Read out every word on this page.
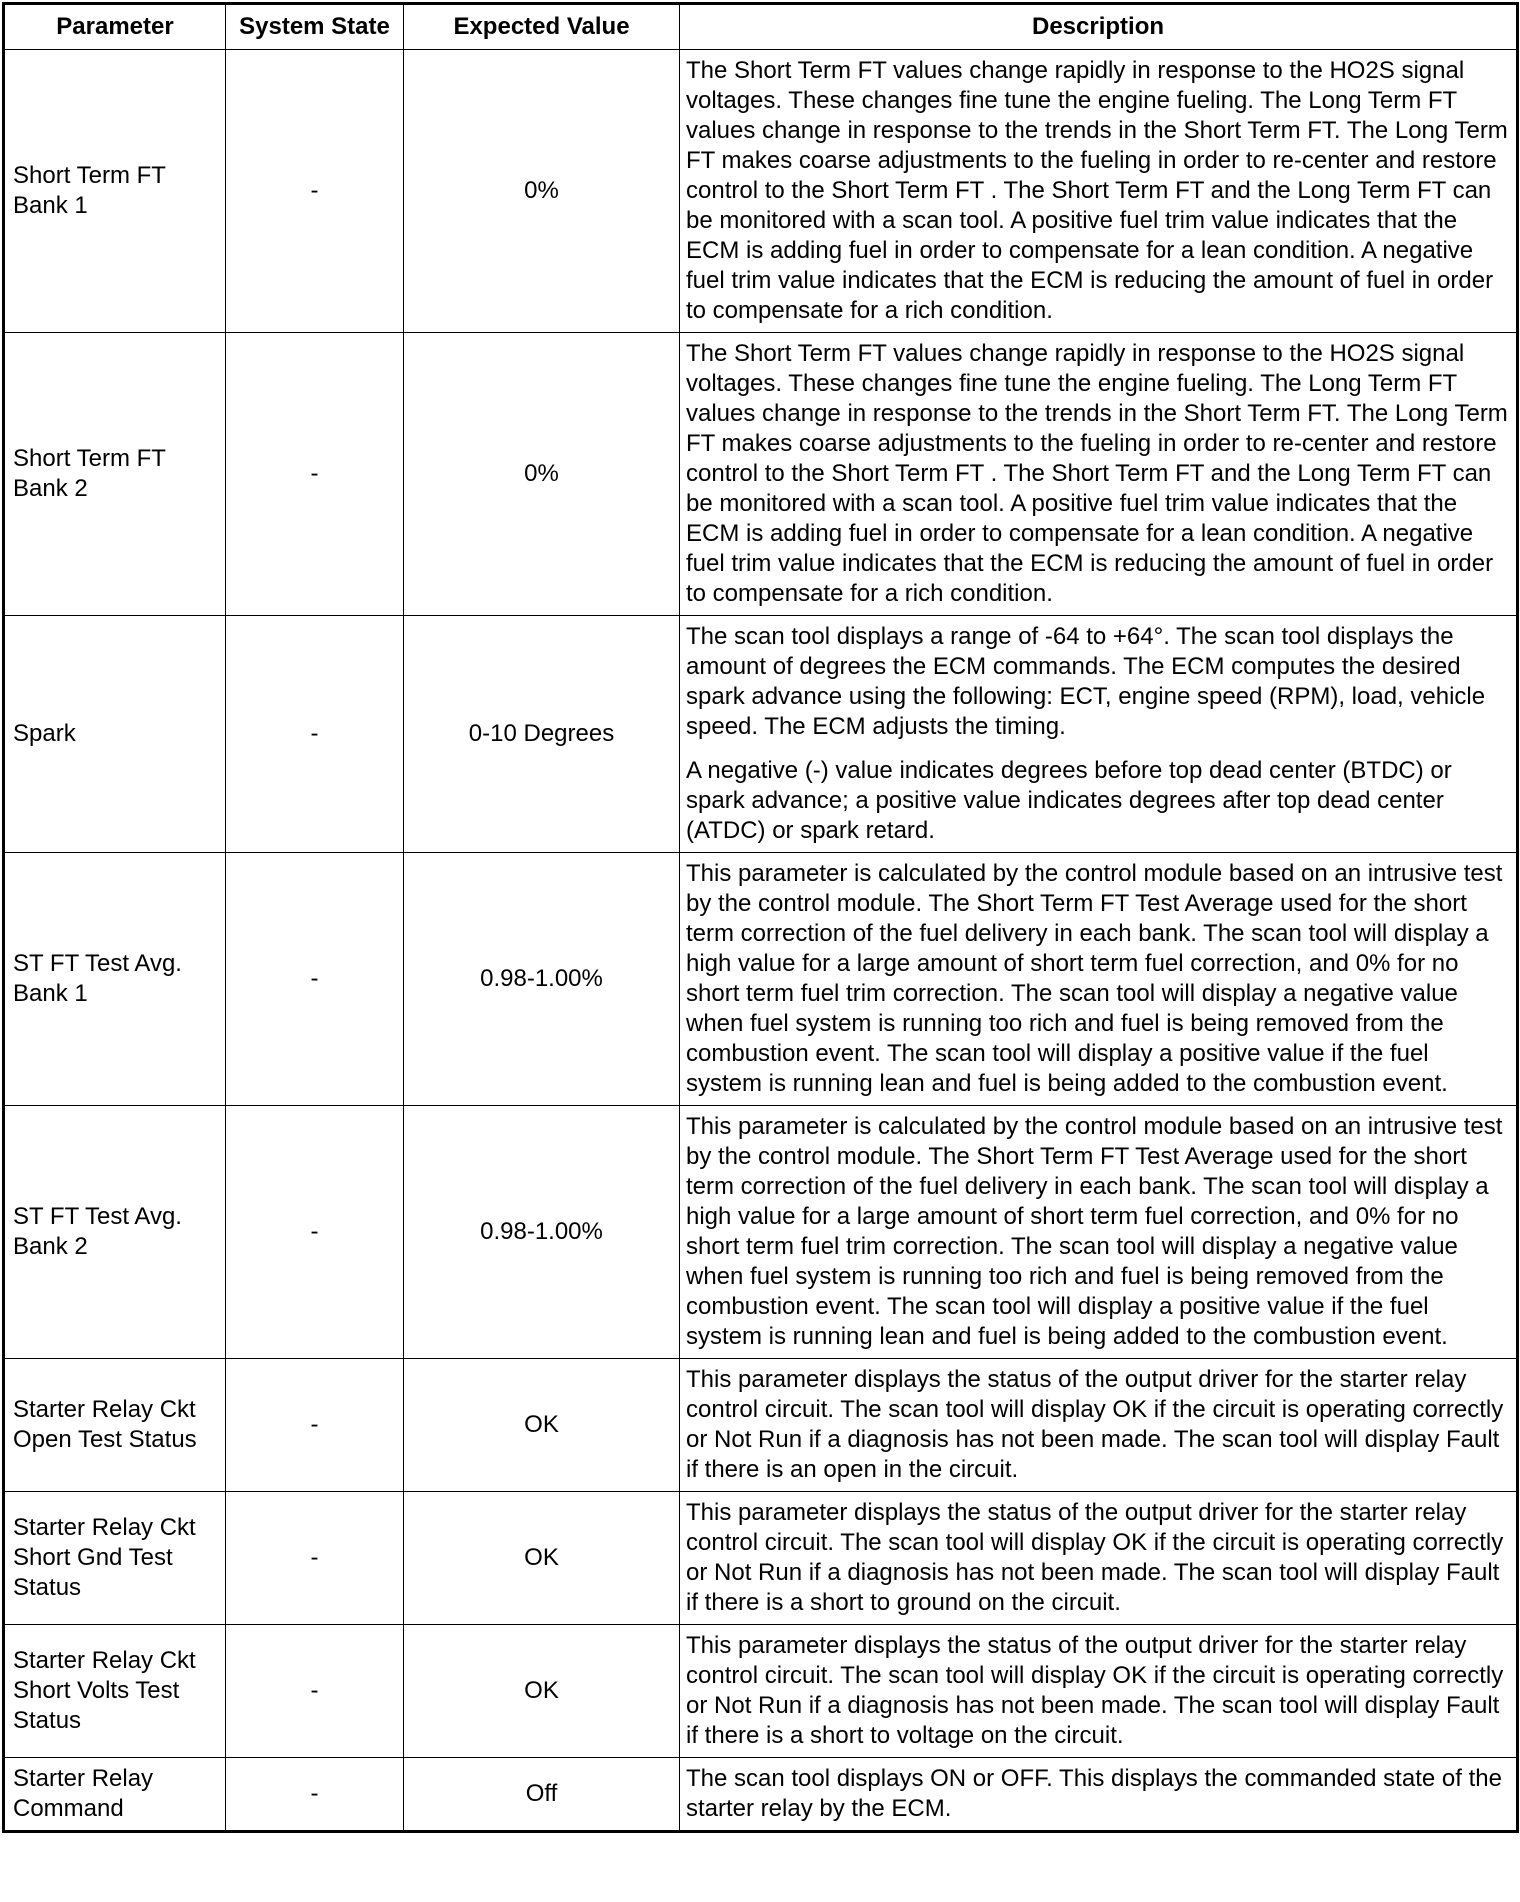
Parameter	System State	Expected Value	Description
Short Term FT Bank 1	-	0%	The Short Term FT values change rapidly in response to the HO2S signal voltages. These changes fine tune the engine fueling. The Long Term FT values change in response to the trends in the Short Term FT. The Long Term FT makes coarse adjustments to the fueling in order to re-center and restore control to the Short Term FT . The Short Term FT and the Long Term FT can be monitored with a scan tool. A positive fuel trim value indicates that the ECM is adding fuel in order to compensate for a lean condition. A negative fuel trim value indicates that the ECM is reducing the amount of fuel in order to compensate for a rich condition.

Short Term FT Bank 2	-	0%	The Short Term FT values change rapidly in response to the HO2S signal voltages. These changes fine tune the engine fueling. The Long Term FT values change in response to the trends in the Short Term FT. The Long Term FT makes coarse adjustments to the fueling in order to re-center and restore control to the Short Term FT . The Short Term FT and the Long Term FT can be monitored with a scan tool. A positive fuel trim value indicates that the ECM is adding fuel in order to compensate for a lean condition. A negative fuel trim value indicates that the ECM is reducing the amount of fuel in order to compensate for a rich condition.

Spark	-	0-10 Degrees	The scan tool displays a range of -64 to +64°. The scan tool displays the amount of degrees the ECM commands. The ECM computes the desired spark advance using the following: ECT, engine speed (RPM), load, vehicle speed. The ECM adjusts the timing.

A negative (-) value indicates degrees before top dead center (BTDC) or spark advance; a positive value indicates degrees after top dead center (ATDC) or spark retard.

ST FT Test Avg. Bank 1	-	0.98-1.00%	This parameter is calculated by the control module based on an intrusive test by the control module. The Short Term FT Test Average used for the short term correction of the fuel delivery in each bank. The scan tool will display a high value for a large amount of short term fuel correction, and 0% for no short term fuel trim correction. The scan tool will display a negative value when fuel system is running too rich and fuel is being removed from the combustion event. The scan tool will display a positive value if the fuel system is running lean and fuel is being added to the combustion event.

ST FT Test Avg. Bank 2	-	0.98-1.00%	This parameter is calculated by the control module based on an intrusive test by the control module. The Short Term FT Test Average used for the short term correction of the fuel delivery in each bank. The scan tool will display a high value for a large amount of short term fuel correction, and 0% for no short term fuel trim correction. The scan tool will display a negative value when fuel system is running too rich and fuel is being removed from the combustion event. The scan tool will display a positive value if the fuel system is running lean and fuel is being added to the combustion event.

Starter Relay Ckt Open Test Status	-	OK	This parameter displays the status of the output driver for the starter relay control circuit. The scan tool will display OK if the circuit is operating correctly or Not Run if a diagnosis has not been made. The scan tool will display Fault if there is an open in the circuit.

Starter Relay Ckt Short Gnd Test Status	-	OK	This parameter displays the status of the output driver for the starter relay control circuit. The scan tool will display OK if the circuit is operating correctly or Not Run if a diagnosis has not been made. The scan tool will display Fault if there is a short to ground on the circuit.

Starter Relay Ckt Short Volts Test Status	-	OK	This parameter displays the status of the output driver for the starter relay control circuit. The scan tool will display OK if the circuit is operating correctly or Not Run if a diagnosis has not been made. The scan tool will display Fault if there is a short to voltage on the circuit.

Starter Relay Command	-	Off	The scan tool displays ON or OFF. This displays the commanded state of the starter relay by the ECM.
